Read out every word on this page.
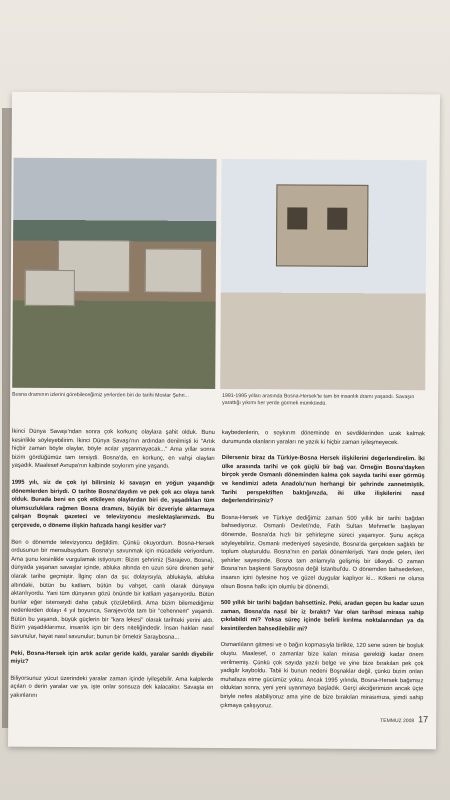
Bosna dramının izlerini görebileceğimiz yerlerden biri de tarihi Mostar Şehri...	1991-1995 yılları arasında Bosna-Hersek'te tam bir insanlık dramı yaşandı. Savaşın yarattığı yıkımı her yerde görmek mümkündü.

İkinci Dünya Savaşı'ndan sonra çok korkunç olaylara şahit olduk. Bunu kesinlikle söyleyebilirim. İkinci Dünya Savaşı'nın ardından denilmişti ki "Artık hiçbir zaman böyle olaylar, böyle acılar yaşanmayacak..." Ama yıllar sonra bizim gördüğümüz tam tersiydi. Bosna'da, en korkunç, en vahşi olayları yaşadık. Maalesef Avrupa'nın kalbinde soykırım yine yaşandı.

1995 yılı, siz de çok iyi bilirsiniz ki savaşın en yoğun yaşandığı dönemlerden biriydi. O tarihte Bosna'daydım ve pek çok acı olaya tanık olduk. Burada beni en çok etkileyen olaylardan biri de, yaşadıkları tüm olumsuzluklara rağmen Bosna dramını, büyük bir özveriyle aktarmaya çalışan Boşnak gazeteci ve televizyoncu meslektaşlarımızdı. Bu çerçevede, o döneme ilişkin hafızada hangi kesitler var?

Ben o dönemde televizyoncu değildim. Çünkü okuyordum. Bosna-Hersek ordusunun bir mensubuydum. Bosna'yı savunmak için mücadele veriyordum. Ama şunu kesinlikle vurgulamak istiyorum: Bizim şehrimiz (Sarajevo, Bosna), dünyada yaşanan savaşlar içinde, abluka altında en uzun süre direnen şehir olarak tarihe geçmiştir. İlginç olan da şu; dolayısıyla, ablukayla, abluka altındaki, bütün bu katliam, bütün bu vahşet, canlı olarak dünyaya aktarılıyordu. Yani tüm dünyanın gözü önünde bir katliam yaşanıyordu. Bütün bunlar eğer istenseydi daha çabuk çözülebilirdi. Ama bizim bilemediğimiz nedenlerden dolayı 4 yıl boyunca, Sarajevo'da tam bir "cehennem" yaşandı. Bütün bu yaşandı, büyük güçlerin bir "kara lekesi" olarak tarihteki yerini aldı. Bizim yaşadıklarımız, insanlık için bir ders niteliğindedir. İnsan hakları nasıl savunulur, hayat nasıl savunulur; bunun bir örnektir Saraybosna...

Peki, Bosna-Hersek için artık acılar geride kaldı, yaralar sarıldı diyebilir miyiz?

Biliyorsunuz yücut üzerindeki yaralar zaman içinde iyileşebilir. Ama kalplerde açılan o derin yaralar var ya, işte onlar sonsuza dek kalacaktır. Savaşta en yakınlarını

kaybedenlerin, o soykırım döneminde en sevdiklerinden uzak kalmak durumunda olanların yaraları ne yazık ki hiçbir zaman iyileşmeyecek.

Dilerseniz biraz da Türkiye-Bosna Hersek ilişkilerini değerlendirelim. İki ülke arasında tarihi ve çok güçlü bir bağ var. Örneğin Bosna'dayken birçok yerde Osmanlı döneminden kalma çok sayıda tarihi eser görmüş ve kendimizi adeta Anadolu'nun herhangi bir şehrinde zannetmiştik. Tarihi perspektiften baktığınızda, iki ülke ilişkilerini nasıl değerlendirirsiniz?

Bosna-Hersek ve Türkiye dediğimiz zaman 500 yıllık bir tarihi bağdan bahsediyoruz. Osmanlı Devleti'nde, Fatih Sultan Mehmet'le başlayan dönemde, Bosna'da hızlı bir şehirleşme süreci yaşanıyor. Şunu açıkça söyleyebiliriz, Osmanlı medeniyeti sayesinde, Bosna'da gerçekten sağlıklı bir toplum oluşturuldu. Bosna'nın en parlak dönemleriydi. Yani önde gelen, ileri şehirler sayesinde, Bosna tam anlamıyla gelişmiş bir ülkeydi. O zaman Bosna'nın başkenti Saraybosna değil İstanbul'du. O dönemden bahsederken, insanın içini öylesine hoş ve güzel duygular kaplıyor ki... Kökeni ne olursa olsun Bosna halkı için olumlu bir dönemdi.

500 yıllık bir tarihi bağdan bahsettiniz. Peki, aradan geçen bu kadar uzun zaman, Bosna'da nasıl bir iz bıraktı? Var olan tarihsel mirasa sahip çıkılabildi mi? Yoksa süreç içinde belirli kırılma noktalarından ya da kesintilerden bahsedilebilir mi?

Osmanlıların gitmesi ve o bağın kopmasıyla birlikte, 120 sene süren bir boşluk oluştu. Maalesef, o zamanlar bize kalan mirasa gerektiği kadar önem verilmemiş. Çünkü çok sayıda yazılı belge ve yine bize bırakılan pek çok yadigâr kayboldu. Tabii ki bunun nedeni Boşnaklar değil, çünkü bizim onları muhafaza etme gücümüz yoktu. Ancak 1995 yılında, Bosna-Hersek bağımsız olduktan sonra, yeni yeni uyanmaya başladık. Gerçi akciğerimizin ancak üçte biriyle nefes alabiliyoruz ama yine de bize bırakılan mirasımıza, şimdi sahip çıkmaya çalışıyoruz.

TEMMUZ 2008 17
